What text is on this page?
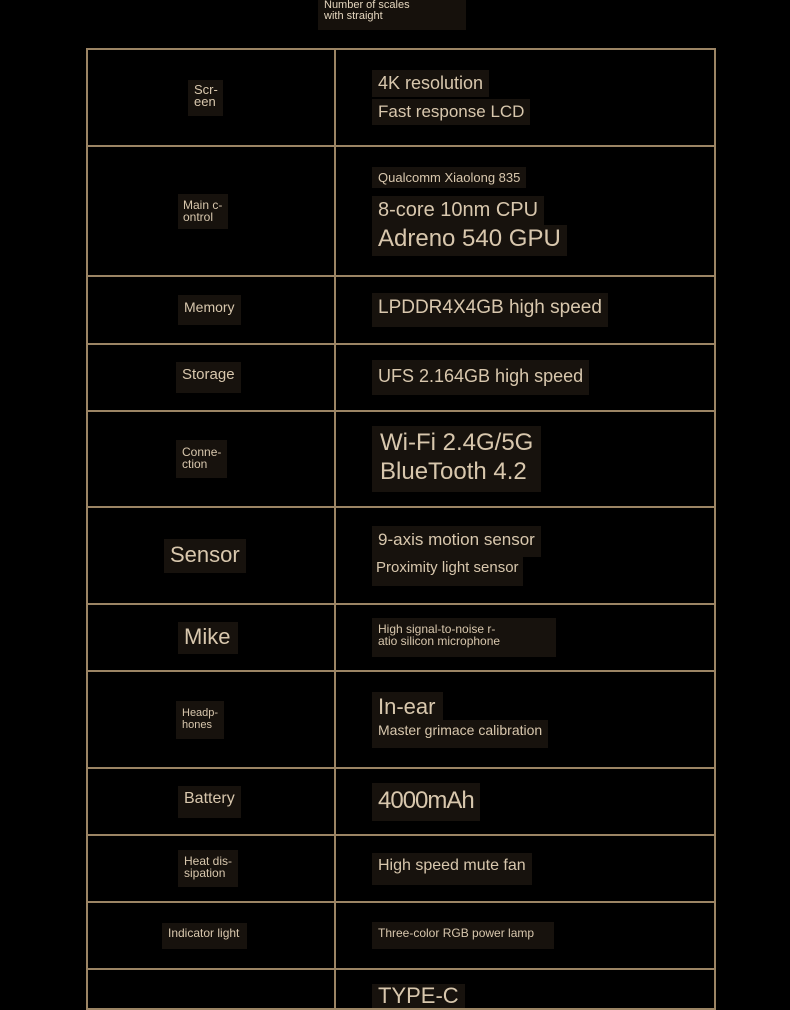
Number of scales
with straight
Scr-
een	4K resolution
Fast response LCD

Main c-
ontrol	Qualcomm Xiaolong 835
8-core 10nm CPU
Adreno 540 GPU

Memory	LPDDR4X4GB high speed

Storage	UFS 2.164GB high speed

Conne-
ction	Wi-Fi 2.4G/5G
BlueTooth 4.2

Sensor	9-axis motion sensor
Proximity light sensor

Mike	High signal-to-noise r-
atio silicon microphone

Headp-
hones	In-ear
Master grimace calibration

Battery	4000mAh

Heat dis-
sipation	High speed mute fan

Indicator light	Three-color RGB power lamp

	TYPE-C
